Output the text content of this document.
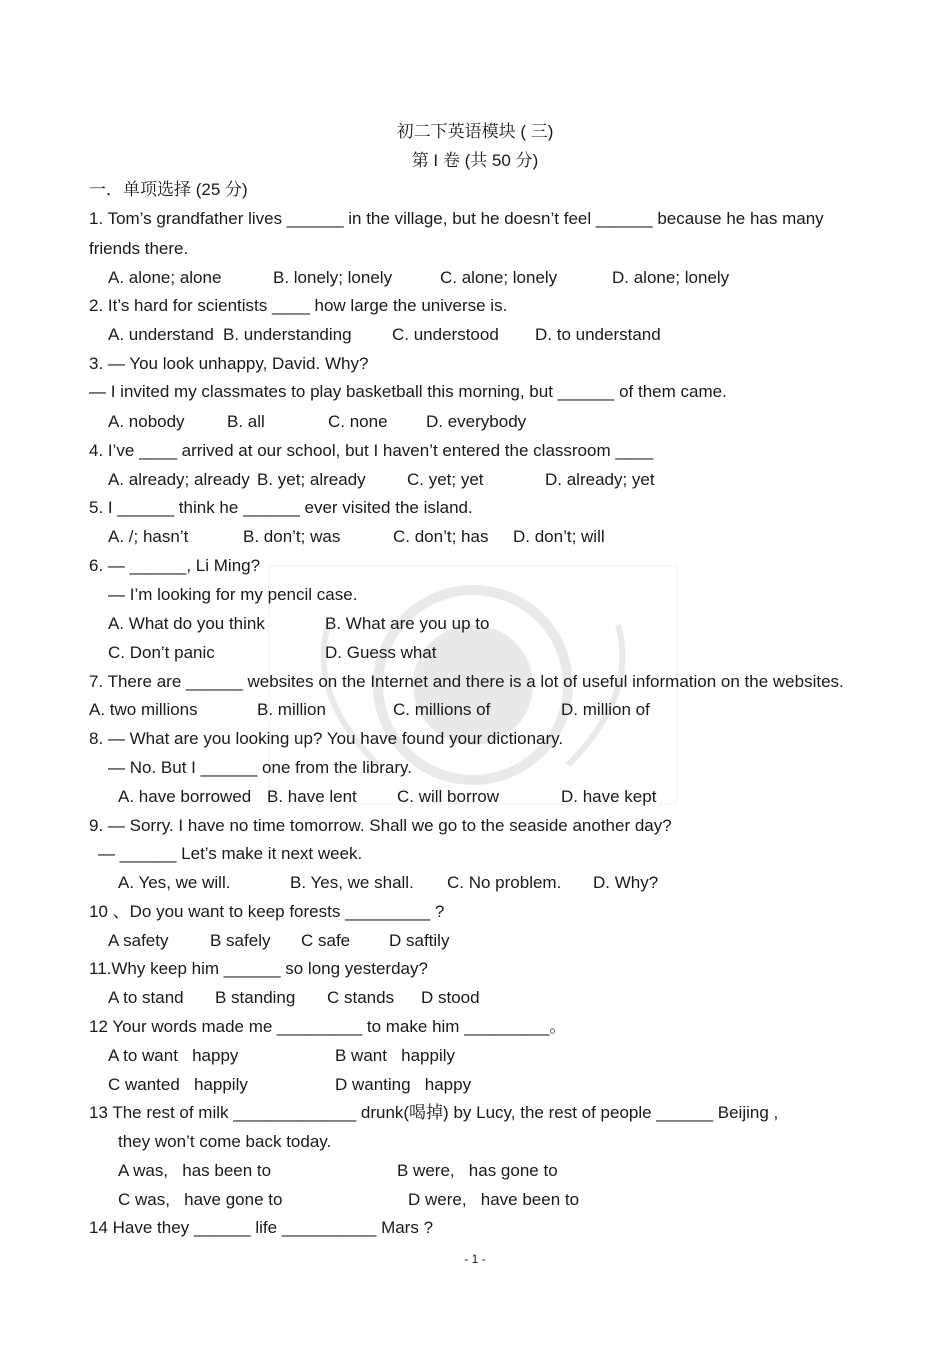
初二下英语模块 ( 三)
第 I 卷 (共 50 分)
一．单项选择 (25 分)
1. Tom’s grandfather lives ______ in the village, but he doesn’t feel ______ because he has many
friends there.
A. alone; alone	B. lonely; lonely	C. alone; lonely	D. alone; lonely
2. It’s hard for scientists ____ how large the universe is.
A. understand B. understanding	C. understood	D. to understand
3. — You look unhappy, David. Why?
— I invited my classmates to play basketball this morning, but ______ of them came.
A. nobody	B. all	C. none	D. everybody
4. I’ve ____ arrived at our school, but I haven’t entered the classroom ____
A. already; already B. yet; already	C. yet; yet	D. already; yet
5. I ______ think he ______ ever visited the island.
A. /; hasn’t	B. don’t; was	C. don’t; has	D. don’t; will
6. — ______, Li Ming?
— I’m looking for my pencil case.
A. What do you think	B. What are you up to
C. Don’t panic	D. Guess what
7. There are ______ websites on the Internet and there is a lot of useful information on the websites.
A. two millions	B. million	C. millions of	D. million of
8. — What are you looking up? You have found your dictionary.
— No. But I ______ one from the library.
A. have borrowed B. have lent	C. will borrow	D. have kept
9. — Sorry. I have no time tomorrow. Shall we go to the seaside another day?
— ______ Let’s make it next week.
A. Yes, we will.	B. Yes, we shall.	C. No problem.	D. Why?
10 、Do you want to keep forests _________ ?
A safety	B safely	C safe	D saftily
11.Why keep him ______ so long yesterday?
A to stand	B standing	C stands	D stood
12 Your words made me _________ to make him _________。
A to want   happy	B want   happily
C wanted   happily	D wanting   happy
13 The rest of milk _____________ drunk(喝掉) by Lucy, the rest of people ______ Beijing ,
they won’t come back today.
A was,   has been to	B were,   has gone to
C was,   have gone to	D were,   have been to
14 Have they ______ life __________ Mars ?
- 1 -
